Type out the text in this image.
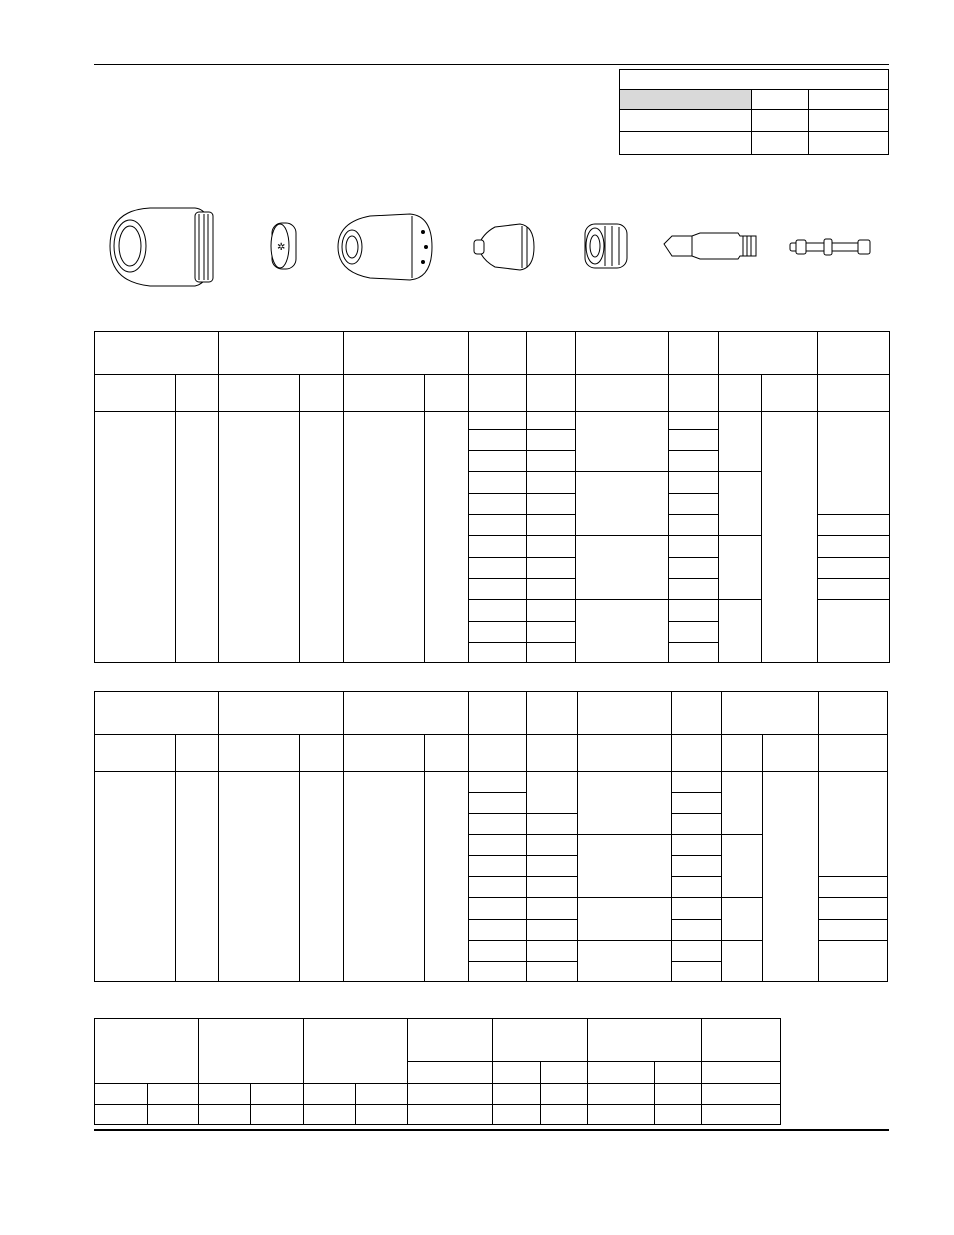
✲
